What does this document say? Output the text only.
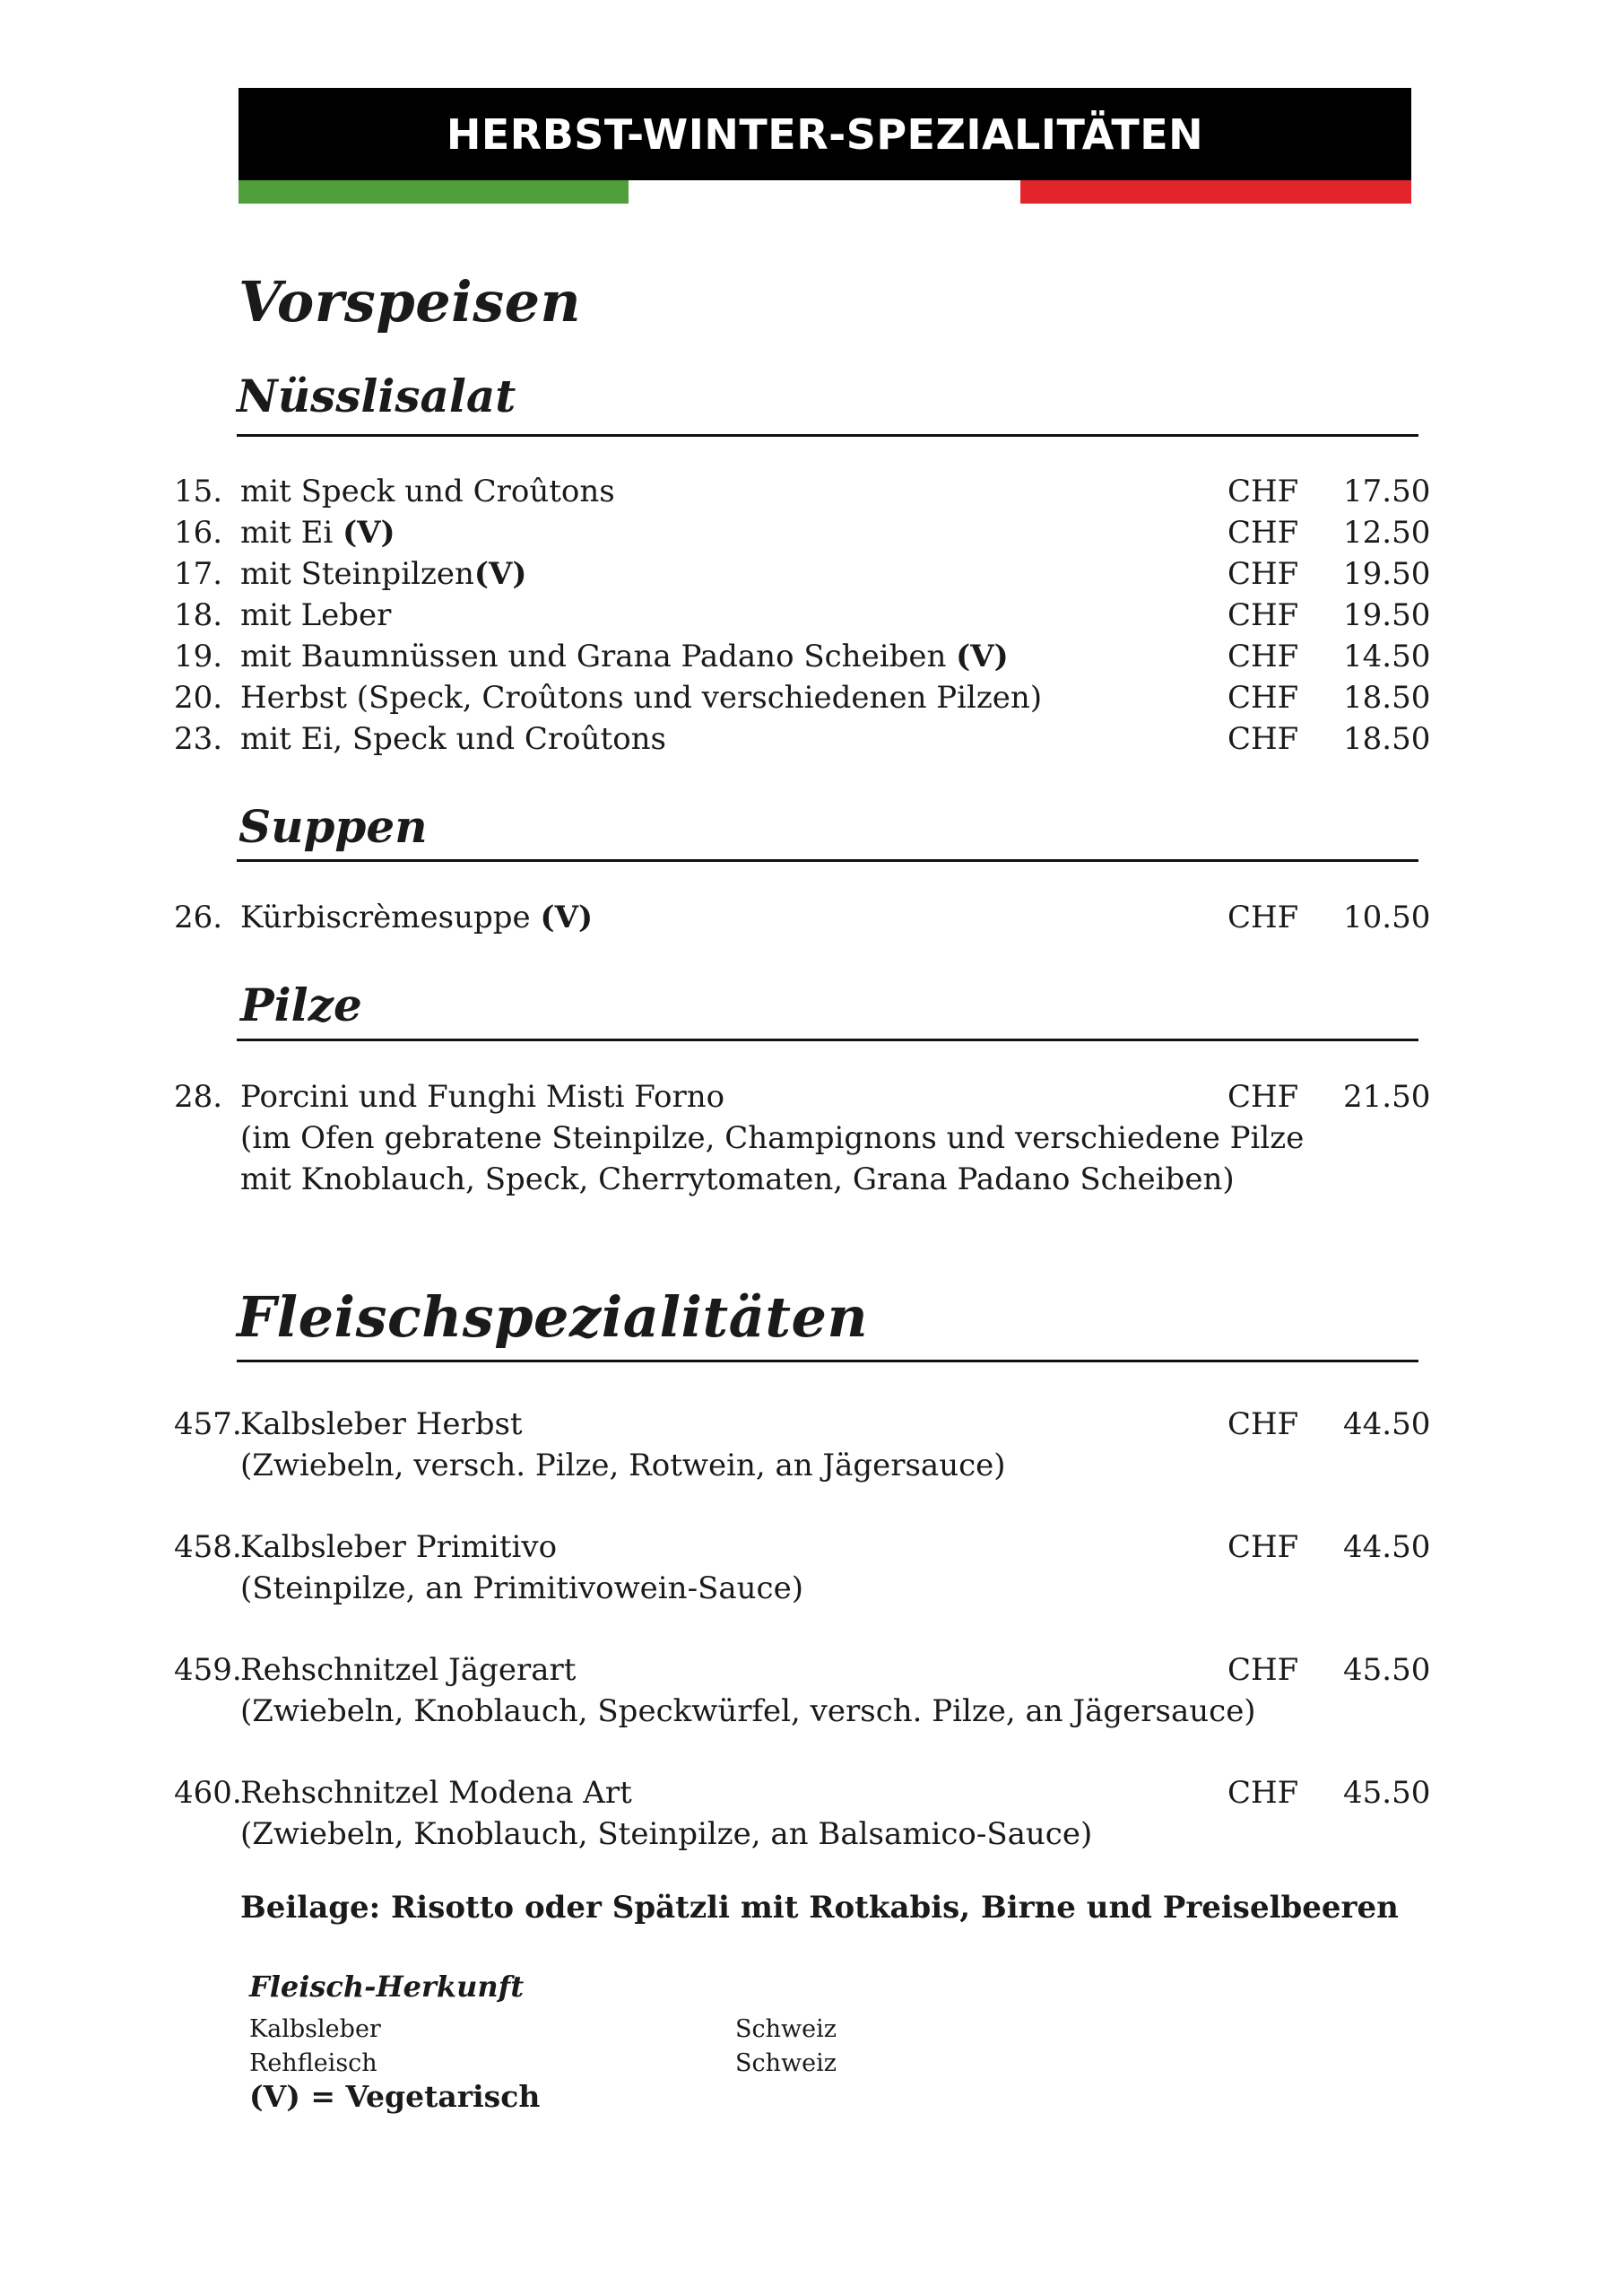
HERBST-WINTER-SPEZIALITÄTEN
Vorspeisen
Nüsslisalat
15. mit Speck und Croûtons	CHF 17.50
16. mit Ei (V)	CHF 12.50
17. mit Steinpilzen(V)	CHF 19.50
18. mit Leber	CHF 19.50
19. mit Baumnüssen und Grana Padano Scheiben (V)	CHF 14.50
20. Herbst (Speck, Croûtons und verschiedenen Pilzen)	CHF 18.50
23. mit Ei, Speck und Croûtons	CHF 18.50
Suppen
26. Kürbiscrèmesuppe (V)	CHF 10.50
Pilze
28. Porcini und Funghi Misti Forno	CHF 21.50
(im Ofen gebratene Steinpilze, Champignons und verschiedene Pilze
mit Knoblauch, Speck, Cherrytomaten, Grana Padano Scheiben)
Fleischspezialitäten
457.
Kalbsleber Herbst	CHF 44.50
(Zwiebeln, versch. Pilze, Rotwein, an Jägersauce)
458.
Kalbsleber Primitivo	CHF 44.50
(Steinpilze, an Primitivowein-Sauce)
459.
Rehschnitzel Jägerart	CHF 45.50
(Zwiebeln, Knoblauch, Speckwürfel, versch. Pilze, an Jägersauce)
460.
Rehschnitzel Modena Art	CHF 45.50
(Zwiebeln, Knoblauch, Steinpilze, an Balsamico-Sauce)
Beilage: Risotto oder Spätzli mit Rotkabis, Birne und Preiselbeeren
Fleisch-Herkunft
Kalbsleber	Schweiz
Rehfleisch	Schweiz
(V) = Vegetarisch
